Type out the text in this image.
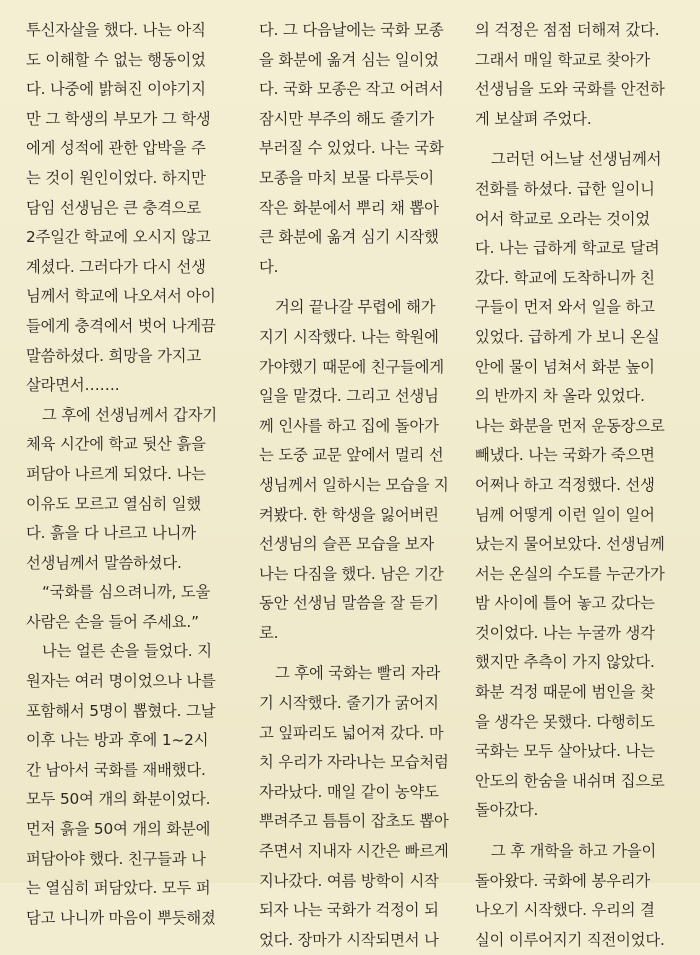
투신자살을 했다. 나는 아직
도 이해할 수 없는 행동이었
다. 나중에 밝혀진 이야기지
만 그 학생의 부모가 그 학생
에게 성적에 관한 압박을 주
는 것이 원인이었다. 하지만
담임 선생님은 큰 충격으로
2주일간 학교에 오시지 않고
계셨다. 그러다가 다시 선생
님께서 학교에 나오셔서 아이
들에게 충격에서 벗어 나게끔
말씀하셨다. 희망을 가지고
살라면서…….
그 후에 선생님께서 갑자기
체육 시간에 학교 뒷산 흙을
퍼담아 나르게 되었다. 나는
이유도 모르고 열심히 일했
다. 흙을 다 나르고 나니까
선생님께서 말씀하셨다.
“국화를 심으려니까, 도울
사람은 손을 들어 주세요.”
나는 얼른 손을 들었다. 지
원자는 여러 명이었으나 나를
포함해서 5명이 뽑혔다. 그날
이후 나는 방과 후에 1~2시
간 남아서 국화를 재배했다.
모두 50여 개의 화분이었다.
먼저 흙을 50여 개의 화분에
퍼담아야 했다. 친구들과 나
는 열심히 퍼담았다. 모두 퍼
담고 나니까 마음이 뿌듯해졌
다. 그 다음날에는 국화 모종
을 화분에 옮겨 심는 일이었
다. 국화 모종은 작고 어려서
잠시만 부주의 해도 줄기가
부러질 수 있었다. 나는 국화
모종을 마치 보물 다루듯이
작은 화분에서 뿌리 채 뽑아
큰 화분에 옮겨 심기 시작했
다.
거의 끝나갈 무렵에 해가
지기 시작했다. 나는 학원에
가야했기 때문에 친구들에게
일을 맡겼다. 그리고 선생님
께 인사를 하고 집에 돌아가
는 도중 교문 앞에서 멀리 선
생님께서 일하시는 모습을 지
켜봤다. 한 학생을 잃어버린
선생님의 슬픈 모습을 보자
나는 다짐을 했다. 남은 기간
동안 선생님 말씀을 잘 듣기
로.
그 후에 국화는 빨리 자라
기 시작했다. 줄기가 굵어지
고 잎파리도 넓어져 갔다. 마
치 우리가 자라나는 모습처럼
자라났다. 매일 같이 농약도
뿌려주고 틈틈이 잡초도 뽑아
주면서 지내자 시간은 빠르게
지나갔다. 여름 방학이 시작
되자 나는 국화가 걱정이 되
었다. 장마가 시작되면서 나
의 걱정은 점점 더해져 갔다.
그래서 매일 학교로 찾아가
선생님을 도와 국화를 안전하
게 보살펴 주었다.
그러던 어느날 선생님께서
전화를 하셨다. 급한 일이니
어서 학교로 오라는 것이었
다. 나는 급하게 학교로 달려
갔다. 학교에 도착하니까 친
구들이 먼저 와서 일을 하고
있었다. 급하게 가 보니 온실
안에 물이 넘쳐서 화분 높이
의 반까지 차 올라 있었다.
나는 화분을 먼저 운동장으로
빼냈다. 나는 국화가 죽으면
어쩌나 하고 걱정했다. 선생
님께 어떻게 이런 일이 일어
났는지 물어보았다. 선생님께
서는 온실의 수도를 누군가가
밤 사이에 틀어 놓고 갔다는
것이었다. 나는 누굴까 생각
했지만 추측이 가지 않았다.
화분 걱정 때문에 범인을 찾
을 생각은 못했다. 다행히도
국화는 모두 살아났다. 나는
안도의 한숨을 내쉬며 집으로
돌아갔다.
그 후 개학을 하고 가을이
돌아왔다. 국화에 봉우리가
나오기 시작했다. 우리의 결
실이 이루어지기 직전이었다.
